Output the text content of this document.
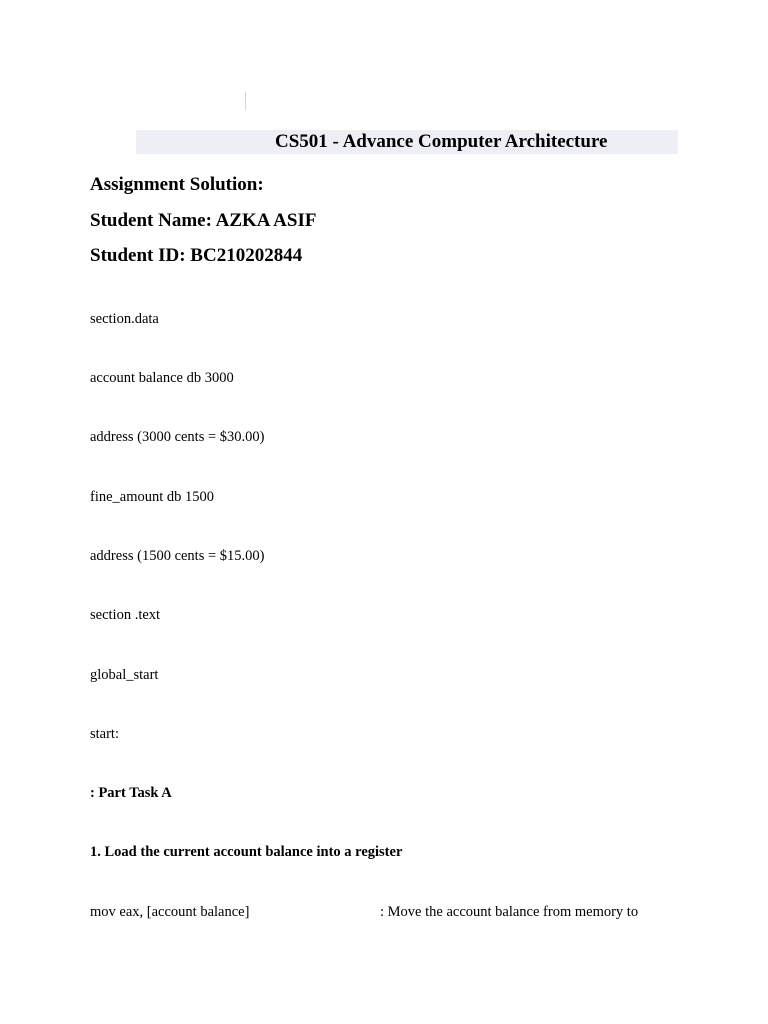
CS501 - Advance Computer Architecture
Assignment Solution:
Student Name: AZKA ASIF
Student ID: BC210202844
section.data
account balance db 3000
address (3000 cents = $30.00)
fine_amount db 1500
address (1500 cents = $15.00)
section .text
global_start
start:
: Part Task A
1. Load the current account balance into a register
mov eax, [account balance]	: Move the account balance from memory to
